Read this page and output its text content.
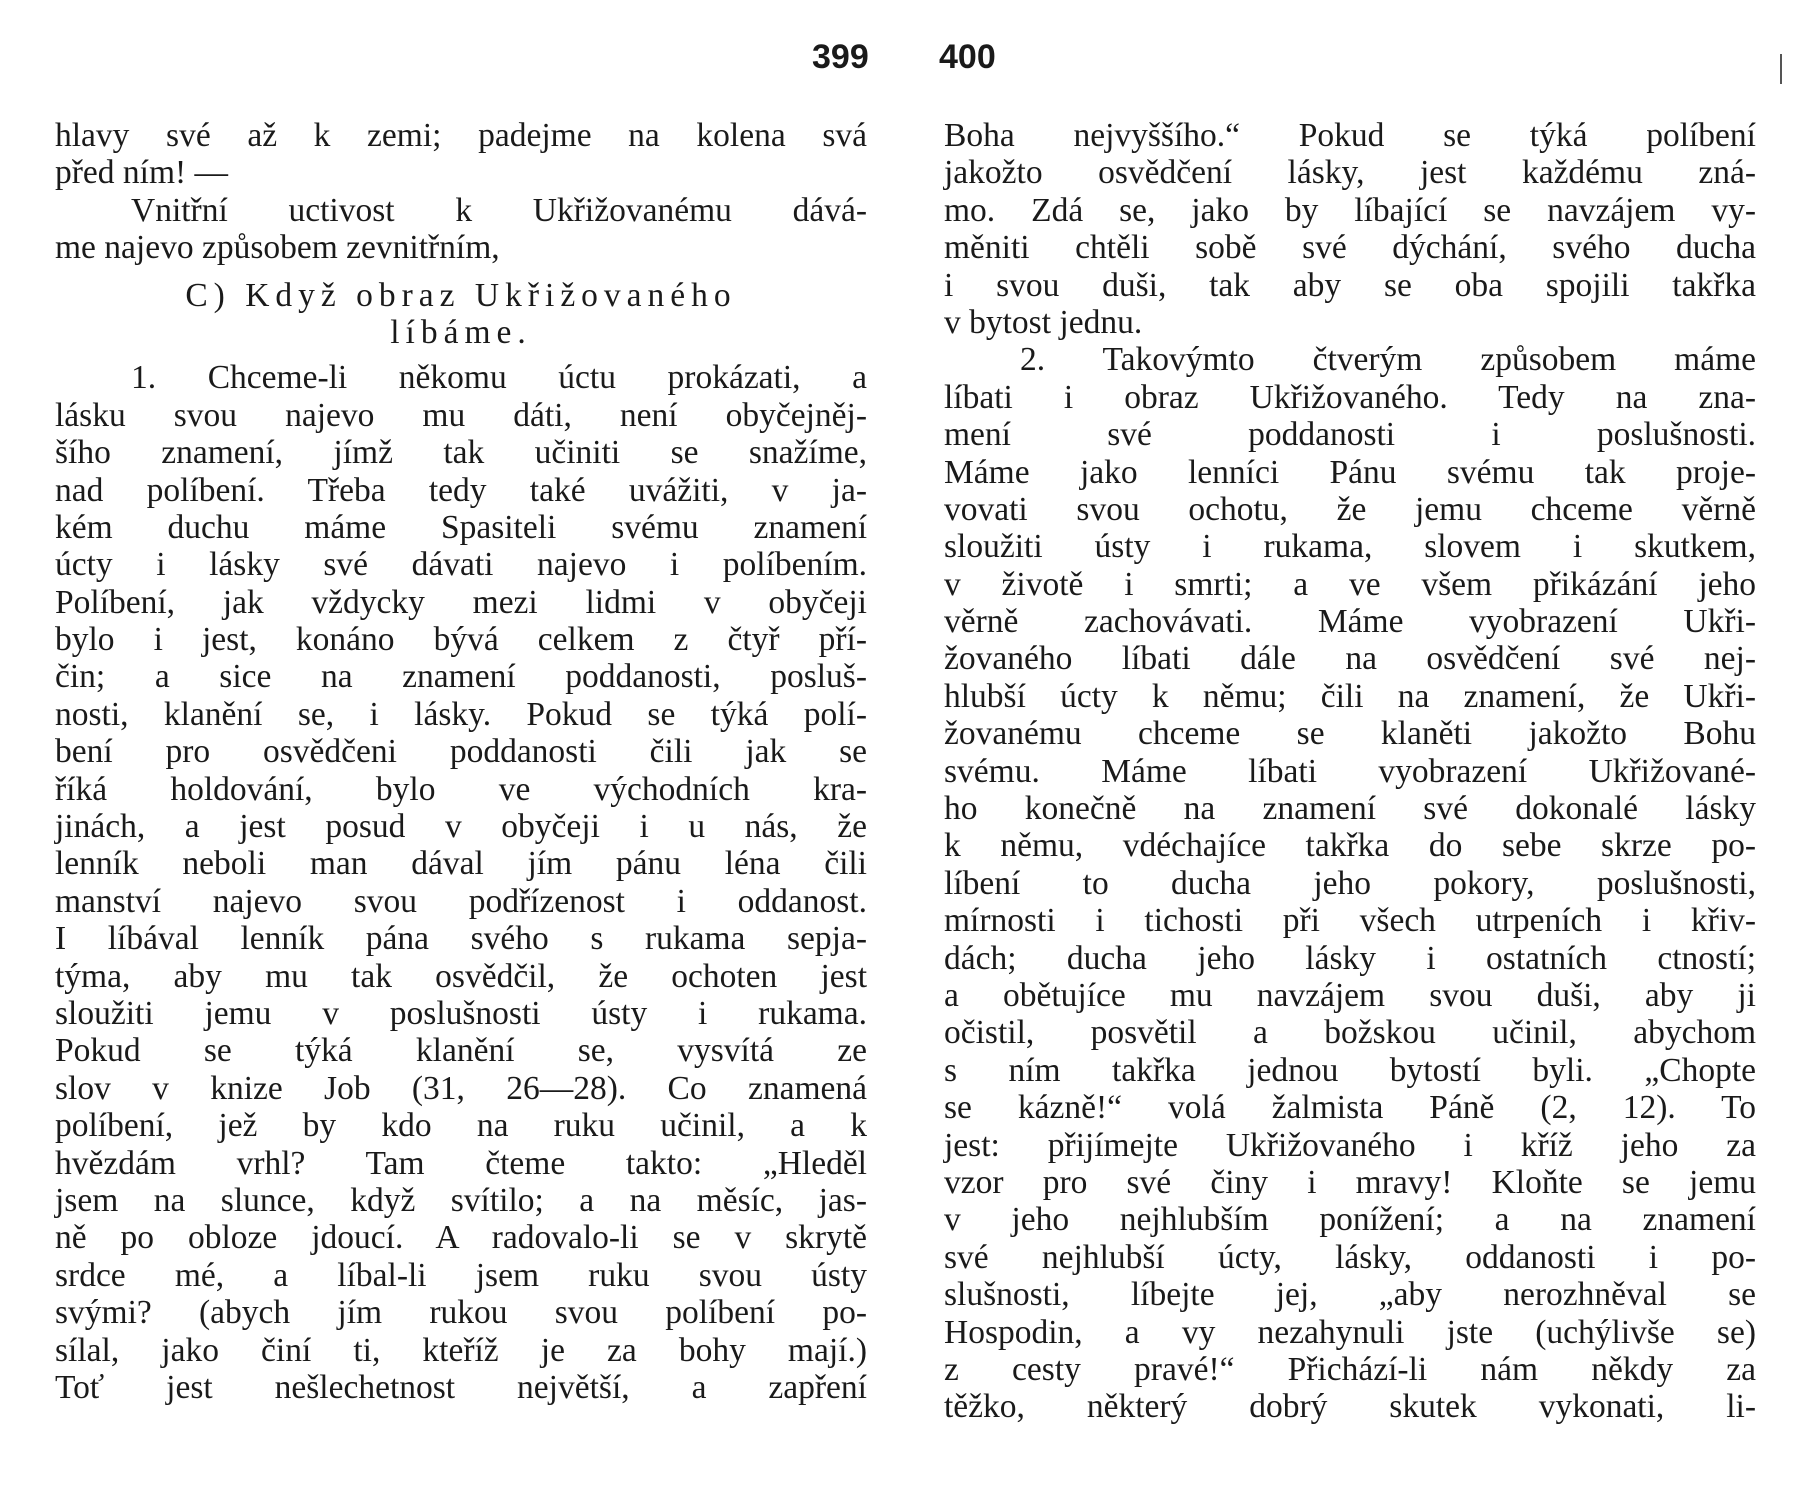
399
hlavy své až k zemi; padejme na kolena svá
před ním! —
Vnitřní uctivost k Ukřižovanému dává-
me najevo způsobem zevnitřním,
C) Když obraz Ukřižovaného
líbáme.
1. Chceme-li někomu úctu prokázati, a
lásku svou najevo mu dáti, není obyčejněj-
šího znamení, jímž tak učiniti se snažíme,
nad políbení. Třeba tedy také uvážiti, v ja-
kém duchu máme Spasiteli svému znamení
úcty i lásky své dávati najevo i políbením.
Políbení, jak vždycky mezi lidmi v obyčeji
bylo i jest, konáno bývá celkem z čtyř pří-
čin; a sice na znamení poddanosti, posluš-
nosti, klanění se, i lásky. Pokud se týká polí-
bení pro osvědčeni poddanosti čili jak se
říká holdování, bylo ve východních kra-
jinách, a jest posud v obyčeji i u nás, že
lenník neboli man dával jím pánu léna čili
manství najevo svou podřízenost i oddanost.
I líbával lenník pána svého s rukama sepja-
týma, aby mu tak osvědčil, že ochoten jest
sloužiti jemu v poslušnosti ústy i rukama.
Pokud se týká klanění se, vysvítá ze
slov v knize Job (31, 26—28). Co znamená
políbení, jež by kdo na ruku učinil, a k
hvězdám vrhl? Tam čteme takto: „Hleděl
jsem na slunce, když svítilo; a na měsíc, jas-
ně po obloze jdoucí. A radovalo-li se v skrytě
srdce mé, a líbal-li jsem ruku svou ústy
svými? (abych jím rukou svou políbení po-
sílal, jako činí ti, kteříž je za bohy mají.)
Toť jest nešlechetnost největší, a zapření
400
Boha nejvyššího.“ Pokud se týká políbení
jakožto osvědčení lásky, jest každému zná-
mo. Zdá se, jako by líbající se navzájem vy-
měniti chtěli sobě své dýchání, svého ducha
i svou duši, tak aby se oba spojili takřka
v bytost jednu.
2. Takovýmto čtverým způsobem máme
líbati i obraz Ukřižovaného. Tedy na zna-
mení své poddanosti i poslušnosti.
Máme jako lenníci Pánu svému tak proje-
vovati svou ochotu, že jemu chceme věrně
sloužiti ústy i rukama, slovem i skutkem,
v životě i smrti; a ve všem přikázání jeho
věrně zachovávati. Máme vyobrazení Ukři-
žovaného líbati dále na osvědčení své nej-
hlubší úcty k němu; čili na znamení, že Ukři-
žovanému chceme se klaněti jakožto Bohu
svému. Máme líbati vyobrazení Ukřižované-
ho konečně na znamení své dokonalé lásky
k němu, vdéchajíce takřka do sebe skrze po-
líbení to ducha jeho pokory, poslušnosti,
mírnosti i tichosti při všech utrpeních i křiv-
dách; ducha jeho lásky i ostatních ctností;
a obětujíce mu navzájem svou duši, aby ji
očistil, posvětil a božskou učinil, abychom
s ním takřka jednou bytostí byli. „Chopte
se kázně!“ volá žalmista Páně (2, 12). To
jest: přijímejte Ukřižovaného i kříž jeho za
vzor pro své činy i mravy! Kloňte se jemu
v jeho nejhlubším ponížení; a na znamení
své nejhlubší úcty, lásky, oddanosti i po-
slušnosti, líbejte jej, „aby nerozhněval se
Hospodin, a vy nezahynuli jste (uchýlivše se)
z cesty pravé!“ Přichází-li nám někdy za
těžko, některý dobrý skutek vykonati, li-
